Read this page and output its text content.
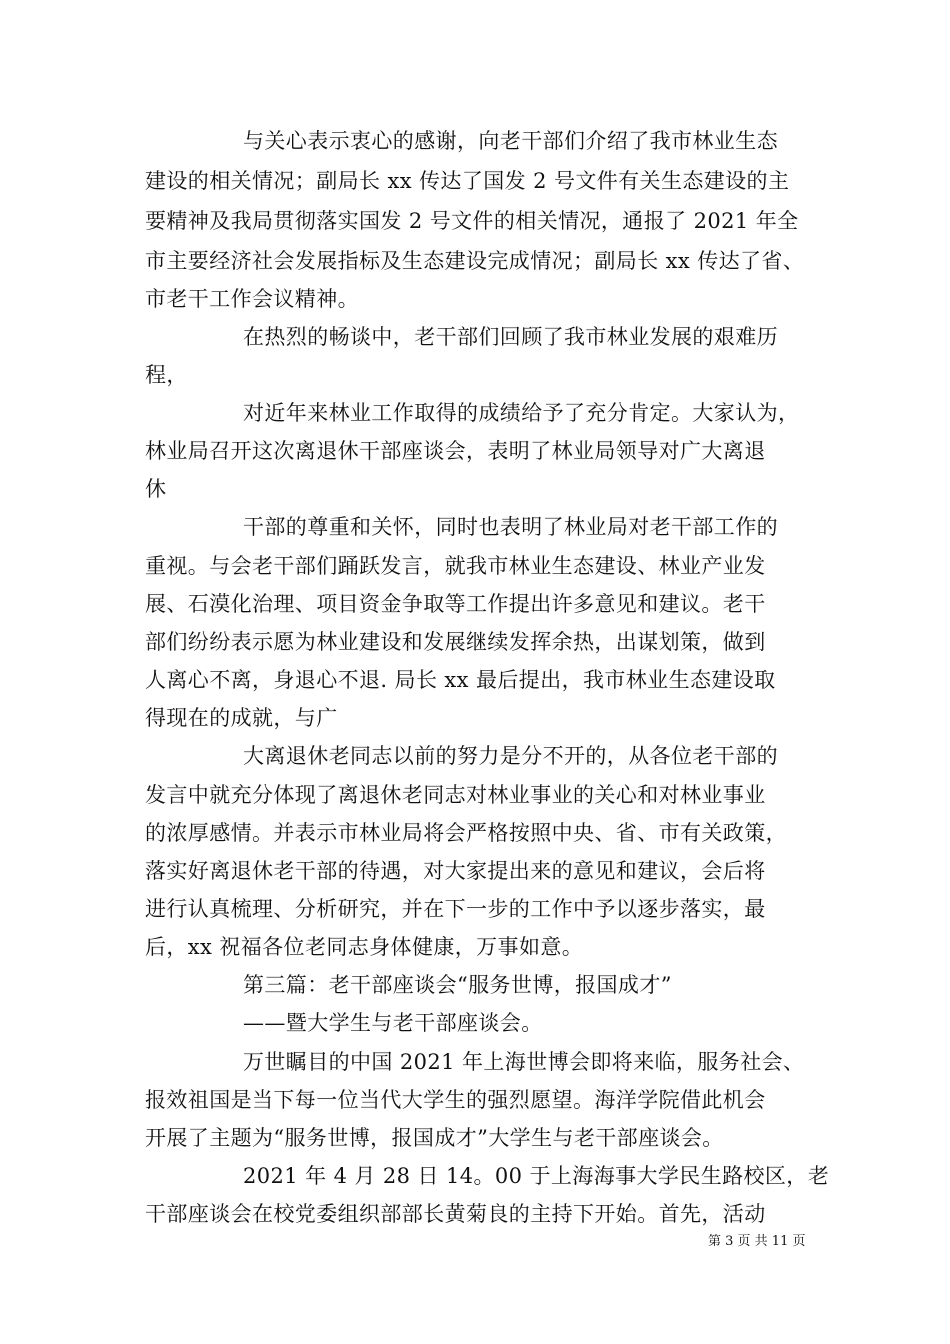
与关心表示衷心的感谢，向老干部们介绍了我市林业生态
建设的相关情况；副局长 xx 传达了国发 2 号文件有关生态建设的主
要精神及我局贯彻落实国发 2 号文件的相关情况，通报了 2021 年全
市主要经济社会发展指标及生态建设完成情况；副局长 xx 传达了省、
市老干工作会议精神。
在热烈的畅谈中，老干部们回顾了我市林业发展的艰难历
程，
对近年来林业工作取得的成绩给予了充分肯定。大家认为，
林业局召开这次离退休干部座谈会，表明了林业局领导对广大离退
休
干部的尊重和关怀，同时也表明了林业局对老干部工作的
重视。与会老干部们踊跃发言，就我市林业生态建设、林业产业发
展、石漠化治理、项目资金争取等工作提出许多意见和建议。老干
部们纷纷表示愿为林业建设和发展继续发挥余热，出谋划策，做到
人离心不离，身退心不退. 局长 xx 最后提出，我市林业生态建设取
得现在的成就，与广
大离退休老同志以前的努力是分不开的，从各位老干部的
发言中就充分体现了离退休老同志对林业事业的关心和对林业事业
的浓厚感情。并表示市林业局将会严格按照中央、省、市有关政策，
落实好离退休老干部的待遇，对大家提出来的意见和建议，会后将
进行认真梳理、分析研究，并在下一步的工作中予以逐步落实，最
后，xx 祝福各位老同志身体健康，万事如意。
第三篇：老干部座谈会“服务世博，报国成才”
——暨大学生与老干部座谈会。
万世瞩目的中国 2021 年上海世博会即将来临，服务社会、
报效祖国是当下每一位当代大学生的强烈愿望。海洋学院借此机会
开展了主题为“服务世博，报国成才”大学生与老干部座谈会。
2021 年 4 月 28 日 14。00 于上海海事大学民生路校区，老
干部座谈会在校党委组织部部长黄菊良的主持下开始。首先，活动
第 3 页 共 11 页
